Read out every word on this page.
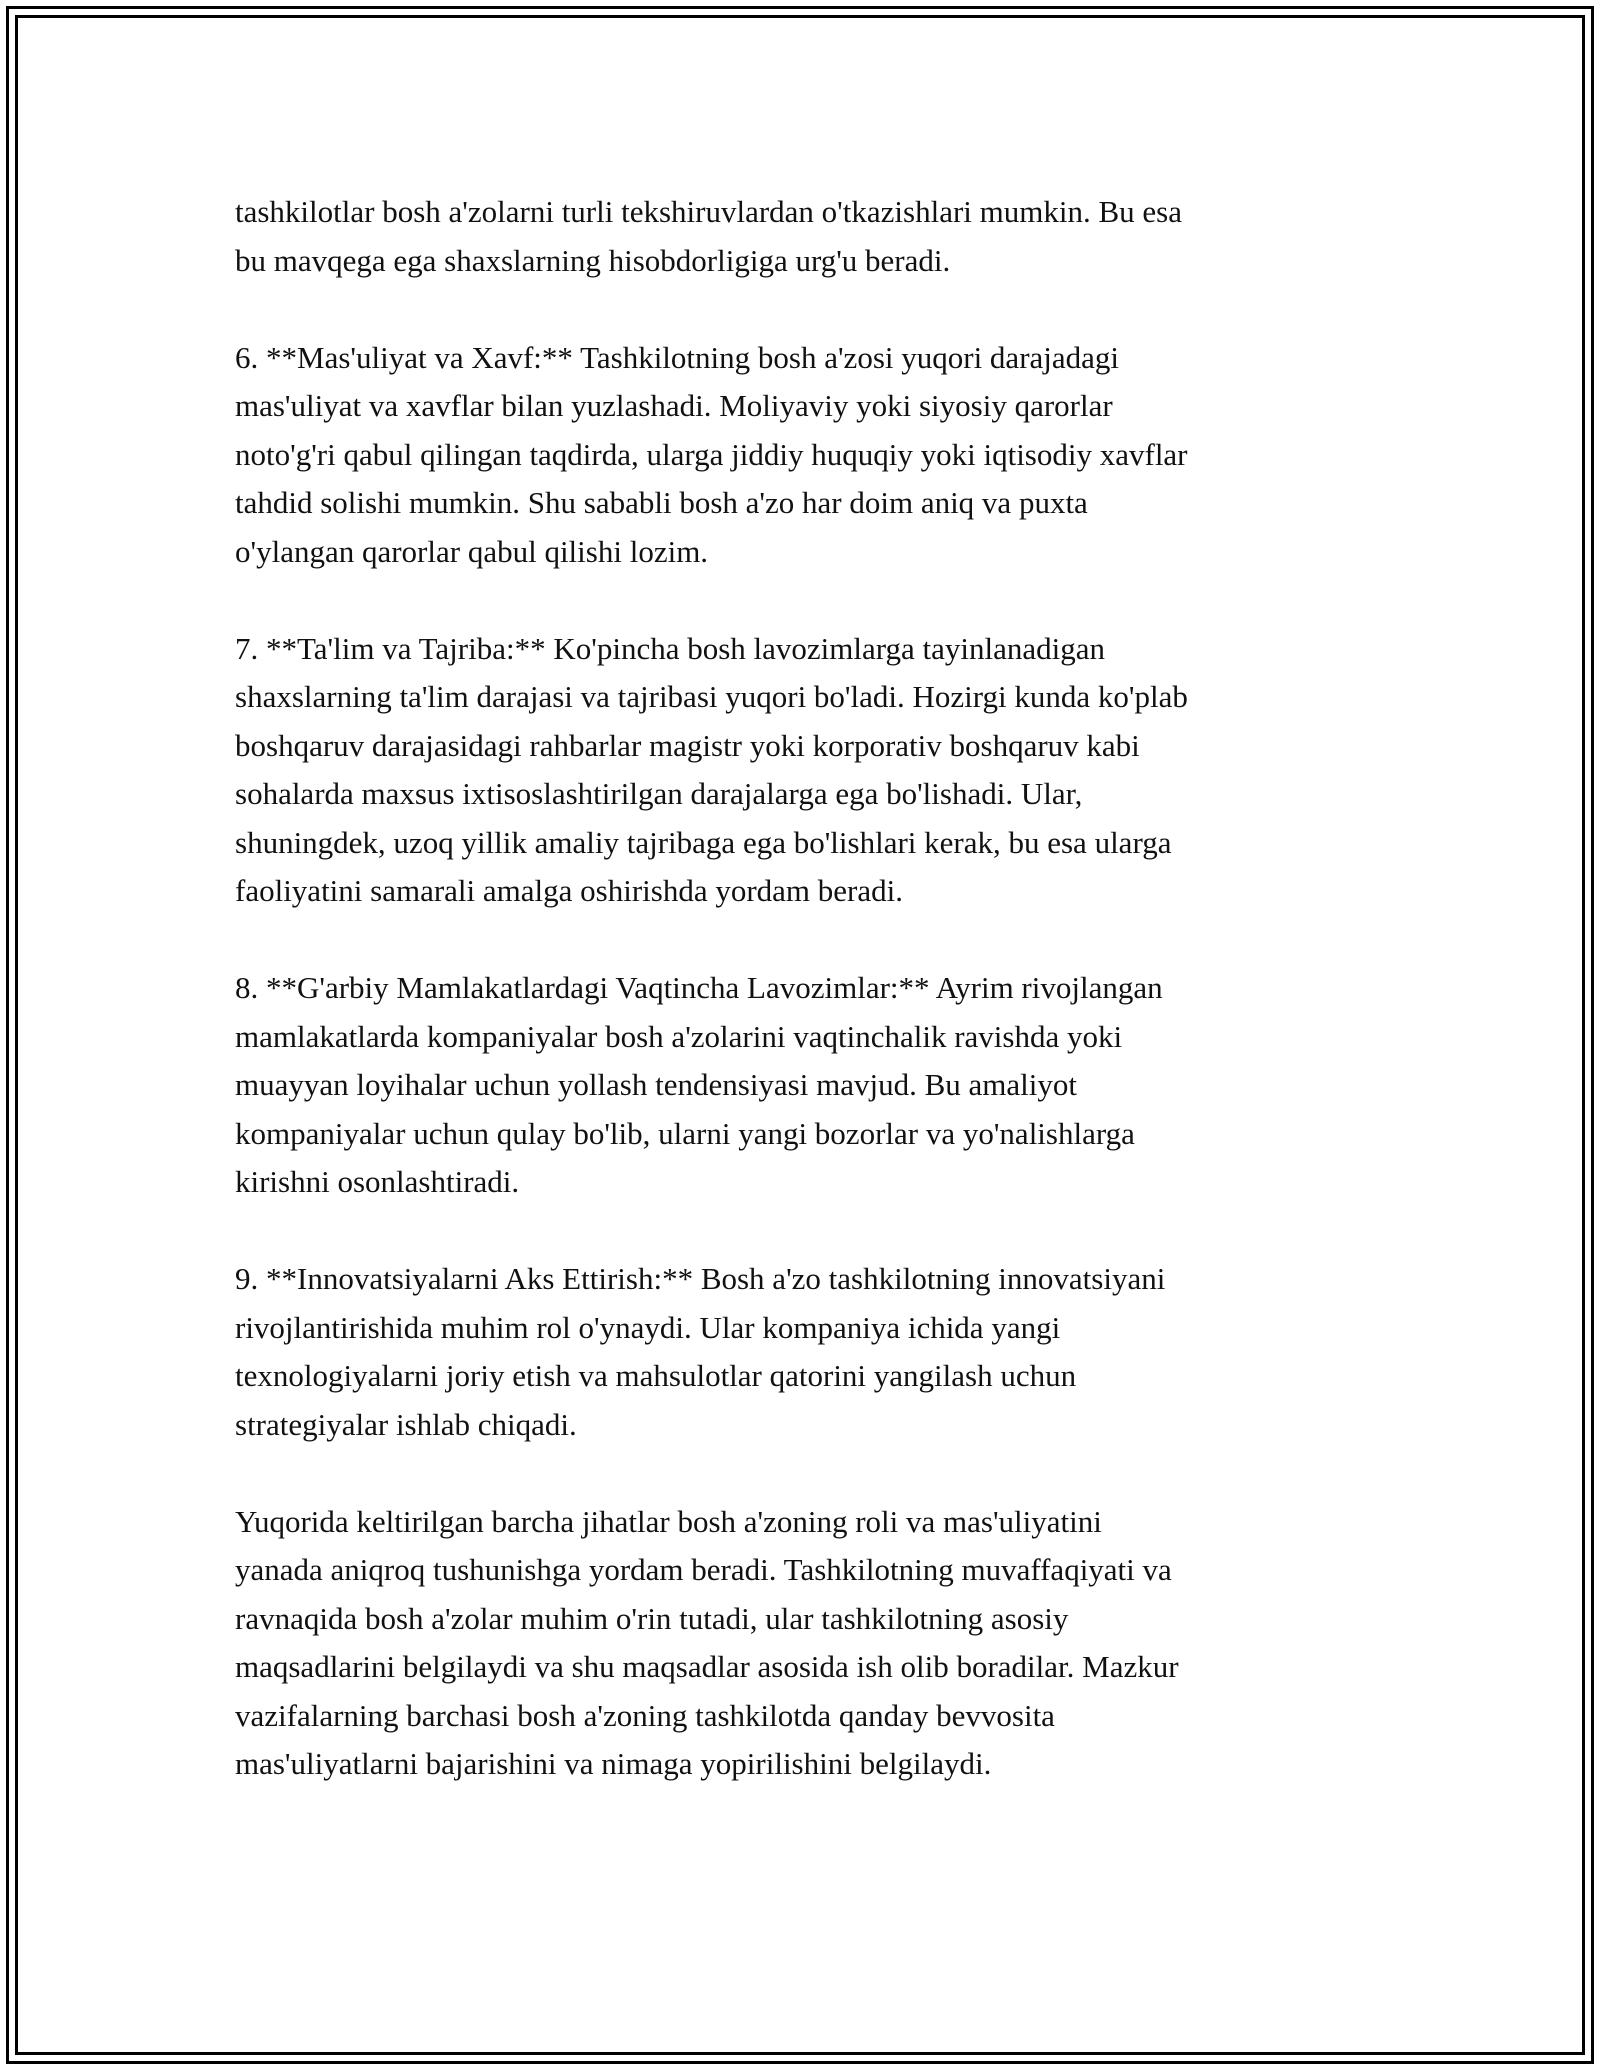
tashkilotlar bosh a'zolarni turli tekshiruvlardan o'tkazishlari mumkin. Bu esa
bu mavqega ega shaxslarning hisobdorligiga urg'u beradi.

6. **Mas'uliyat va Xavf:** Tashkilotning bosh a'zosi yuqori darajadagi
mas'uliyat va xavflar bilan yuzlashadi. Moliyaviy yoki siyosiy qarorlar
noto'g'ri qabul qilingan taqdirda, ularga jiddiy huquqiy yoki iqtisodiy xavflar
tahdid solishi mumkin. Shu sababli bosh a'zo har doim aniq va puxta
o'ylangan qarorlar qabul qilishi lozim.

7. **Ta'lim va Tajriba:** Ko'pincha bosh lavozimlarga tayinlanadigan
shaxslarning ta'lim darajasi va tajribasi yuqori bo'ladi. Hozirgi kunda ko'plab
boshqaruv darajasidagi rahbarlar magistr yoki korporativ boshqaruv kabi
sohalarda maxsus ixtisoslashtirilgan darajalarga ega bo'lishadi. Ular,
shuningdek, uzoq yillik amaliy tajribaga ega bo'lishlari kerak, bu esa ularga
faoliyatini samarali amalga oshirishda yordam beradi.

8. **G'arbiy Mamlakatlardagi Vaqtincha Lavozimlar:** Ayrim rivojlangan
mamlakatlarda kompaniyalar bosh a'zolarini vaqtinchalik ravishda yoki
muayyan loyihalar uchun yollash tendensiyasi mavjud. Bu amaliyot
kompaniyalar uchun qulay bo'lib, ularni yangi bozorlar va yo'nalishlarga
kirishni osonlashtiradi.

9. **Innovatsiyalarni Aks Ettirish:** Bosh a'zo tashkilotning innovatsiyani
rivojlantirishida muhim rol o'ynaydi. Ular kompaniya ichida yangi
texnologiyalarni joriy etish va mahsulotlar qatorini yangilash uchun
strategiyalar ishlab chiqadi.

Yuqorida keltirilgan barcha jihatlar bosh a'zoning roli va mas'uliyatini
yanada aniqroq tushunishga yordam beradi. Tashkilotning muvaffaqiyati va
ravnaqida bosh a'zolar muhim o'rin tutadi, ular tashkilotning asosiy
maqsadlarini belgilaydi va shu maqsadlar asosida ish olib boradilar. Mazkur
vazifalarning barchasi bosh a'zoning tashkilotda qanday bevvosita
mas'uliyatlarni bajarishini va nimaga yopirilishini belgilaydi.
